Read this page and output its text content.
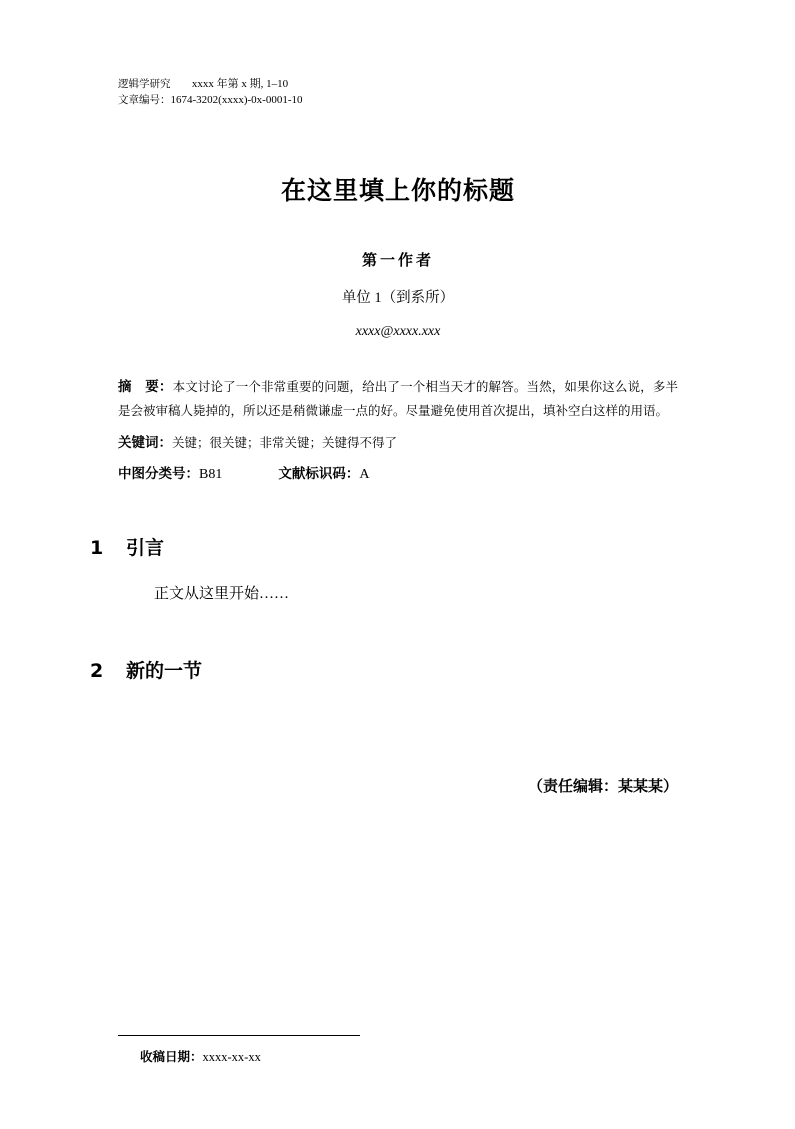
逻辑学研究 xxxx 年第 x 期, 1–10
文章编号：1674-3202(xxxx)-0x-0001-10
在这里填上你的标题
第一作者
单位 1（到系所）
xxxx@xxxx.xxx
摘　要：本文讨论了一个非常重要的问题，给出了一个相当天才的解答。当然，如果你这么说，多半是会被审稿人毙掉的，所以还是稍微谦虚一点的好。尽量避免使用首次提出，填补空白这样的用语。
关键词：关键；很关键；非常关键；关键得不得了
中图分类号：B81	文献标识码：A
1 引言
正文从这里开始……
2 新的一节
（责任编辑：某某某）
收稿日期：xxxx-xx-xx
